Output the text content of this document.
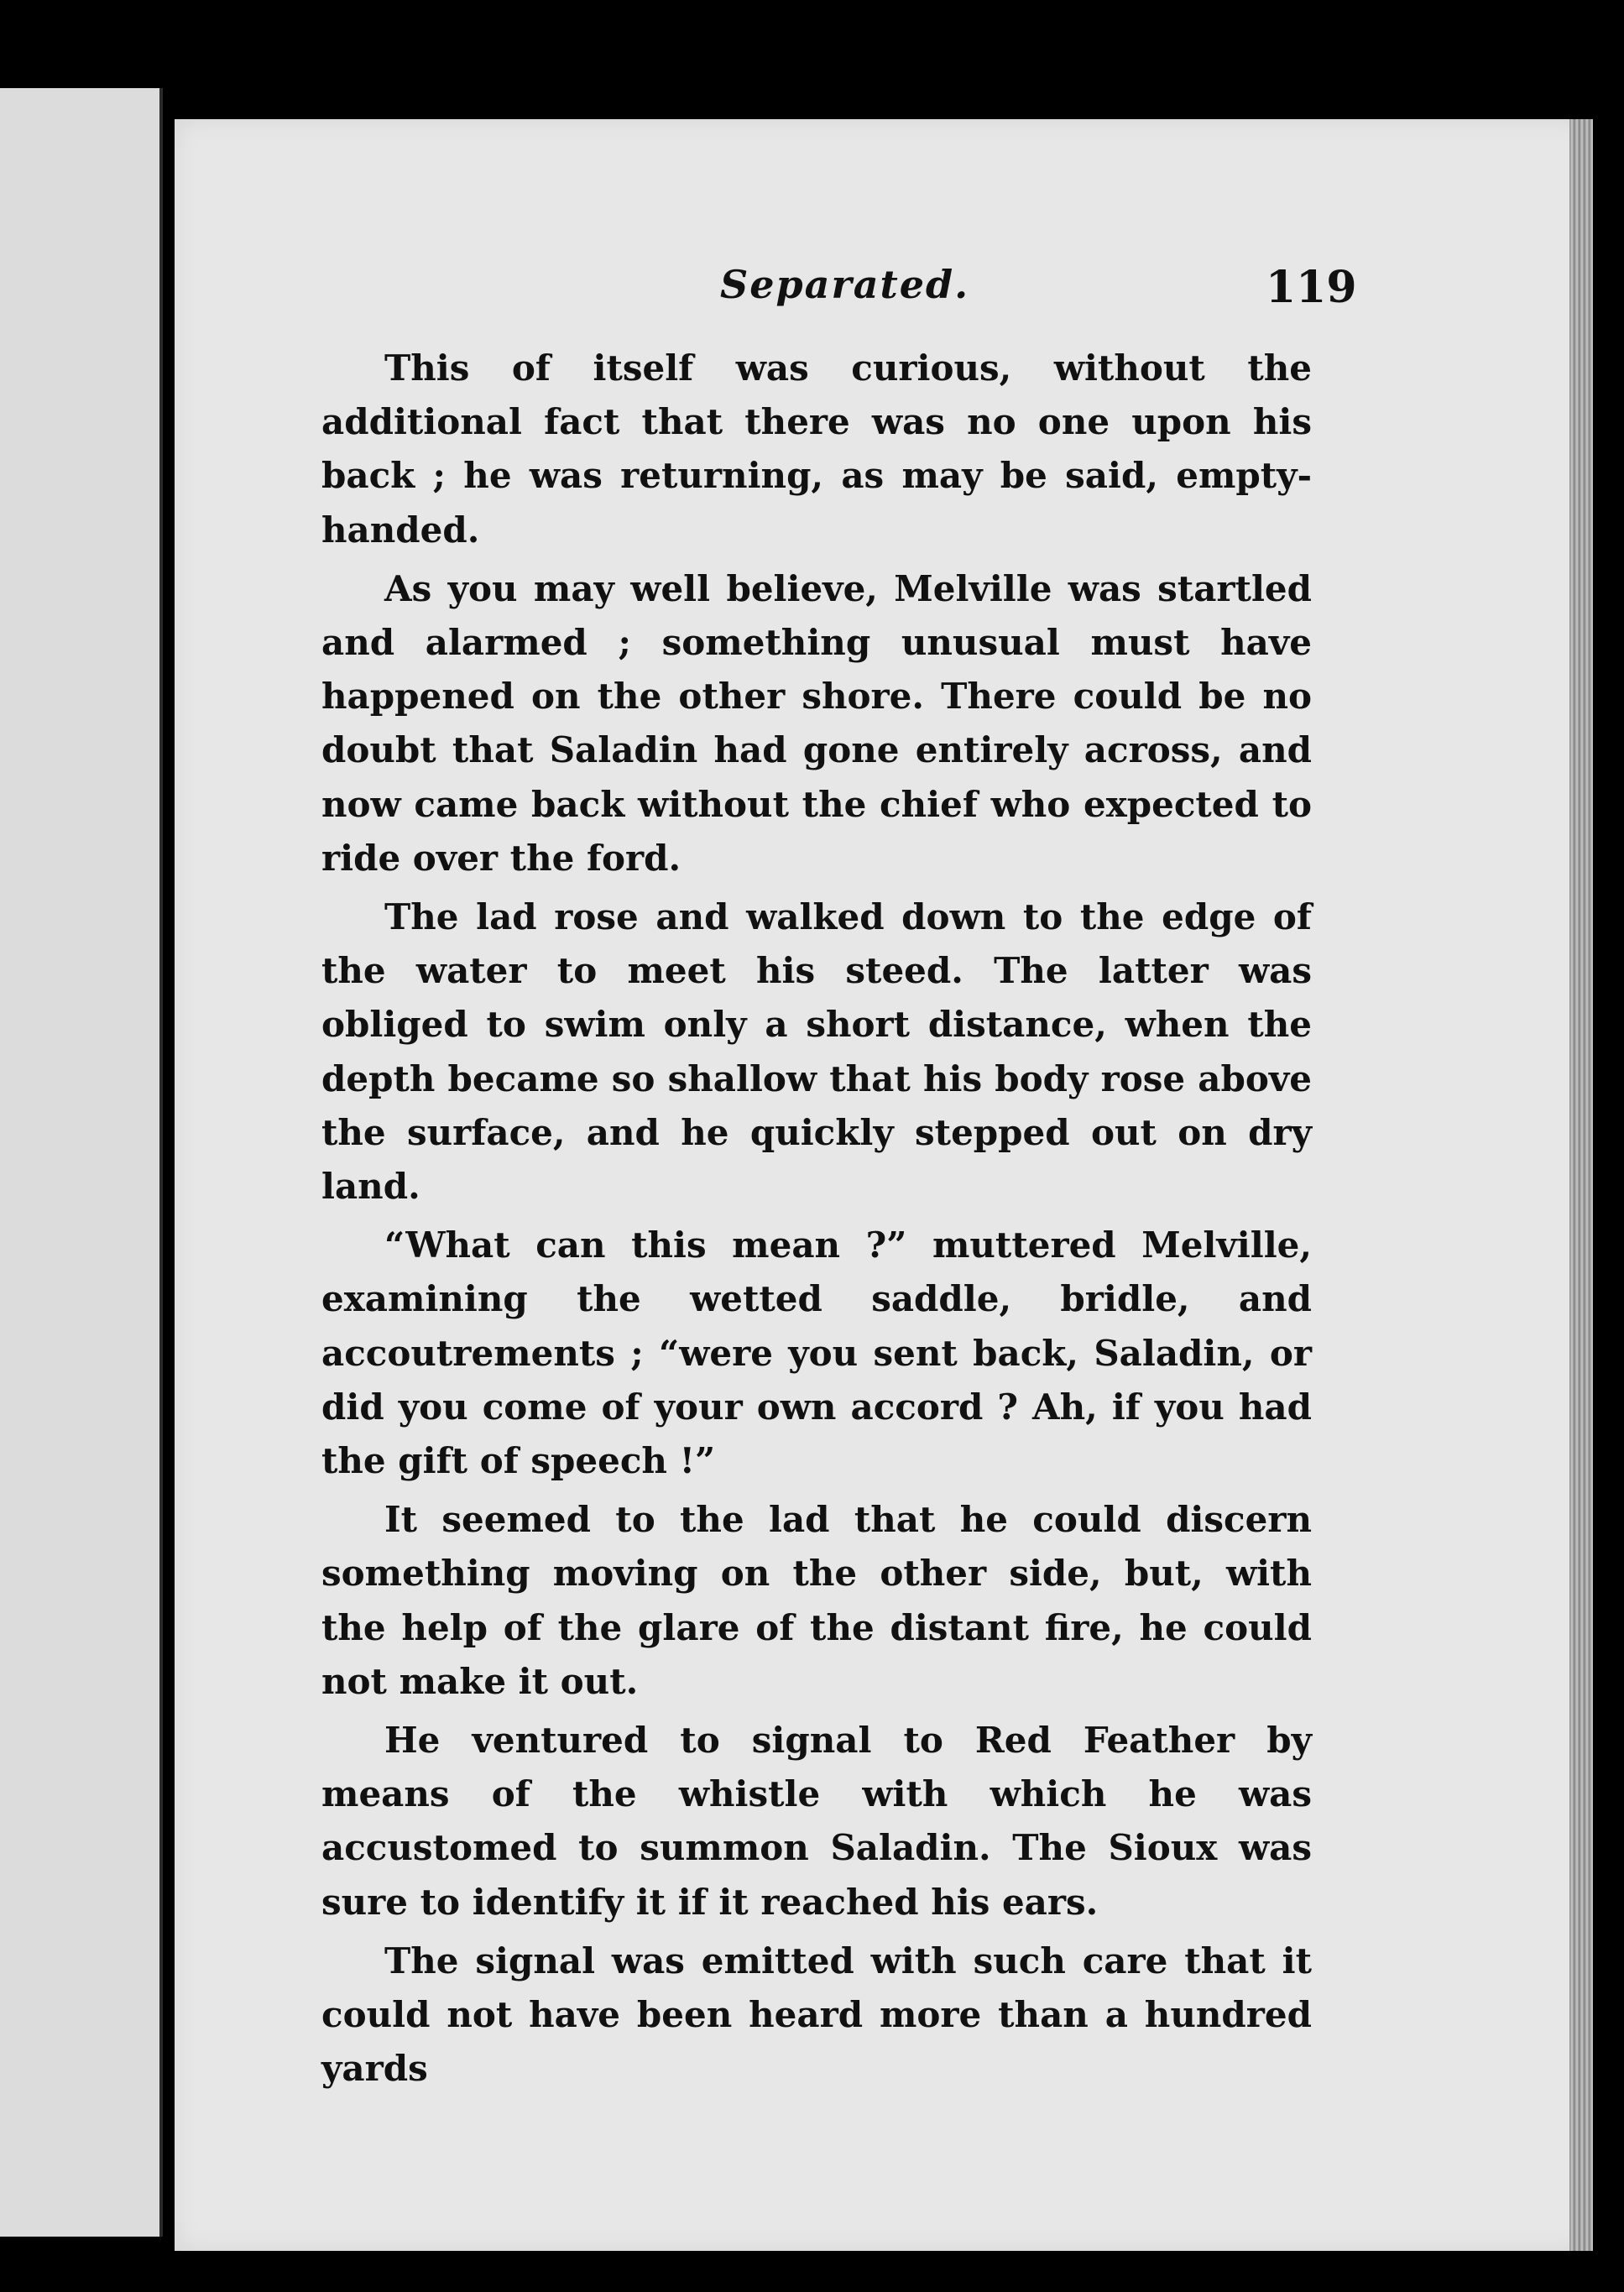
Separated.	119

This of itself was curious, without the additional fact that there was no one upon his back ; he was returning, as may be said, empty-handed.

As you may well believe, Melville was startled and alarmed ; something unusual must have happened on the other shore. There could be no doubt that Saladin had gone entirely across, and now came back without the chief who expected to ride over the ford.

The lad rose and walked down to the edge of the water to meet his steed. The latter was obliged to swim only a short distance, when the depth became so shallow that his body rose above the surface, and he quickly stepped out on dry land.

“What can this mean ?” muttered Melville, examining the wetted saddle, bridle, and accoutrements ; “were you sent back, Saladin, or did you come of your own accord ? Ah, if you had the gift of speech !”

It seemed to the lad that he could discern something moving on the other side, but, with the help of the glare of the distant fire, he could not make it out.

He ventured to signal to Red Feather by means of the whistle with which he was accustomed to summon Saladin. The Sioux was sure to identify it if it reached his ears.

The signal was emitted with such care that it could not have been heard more than a hundred yards
